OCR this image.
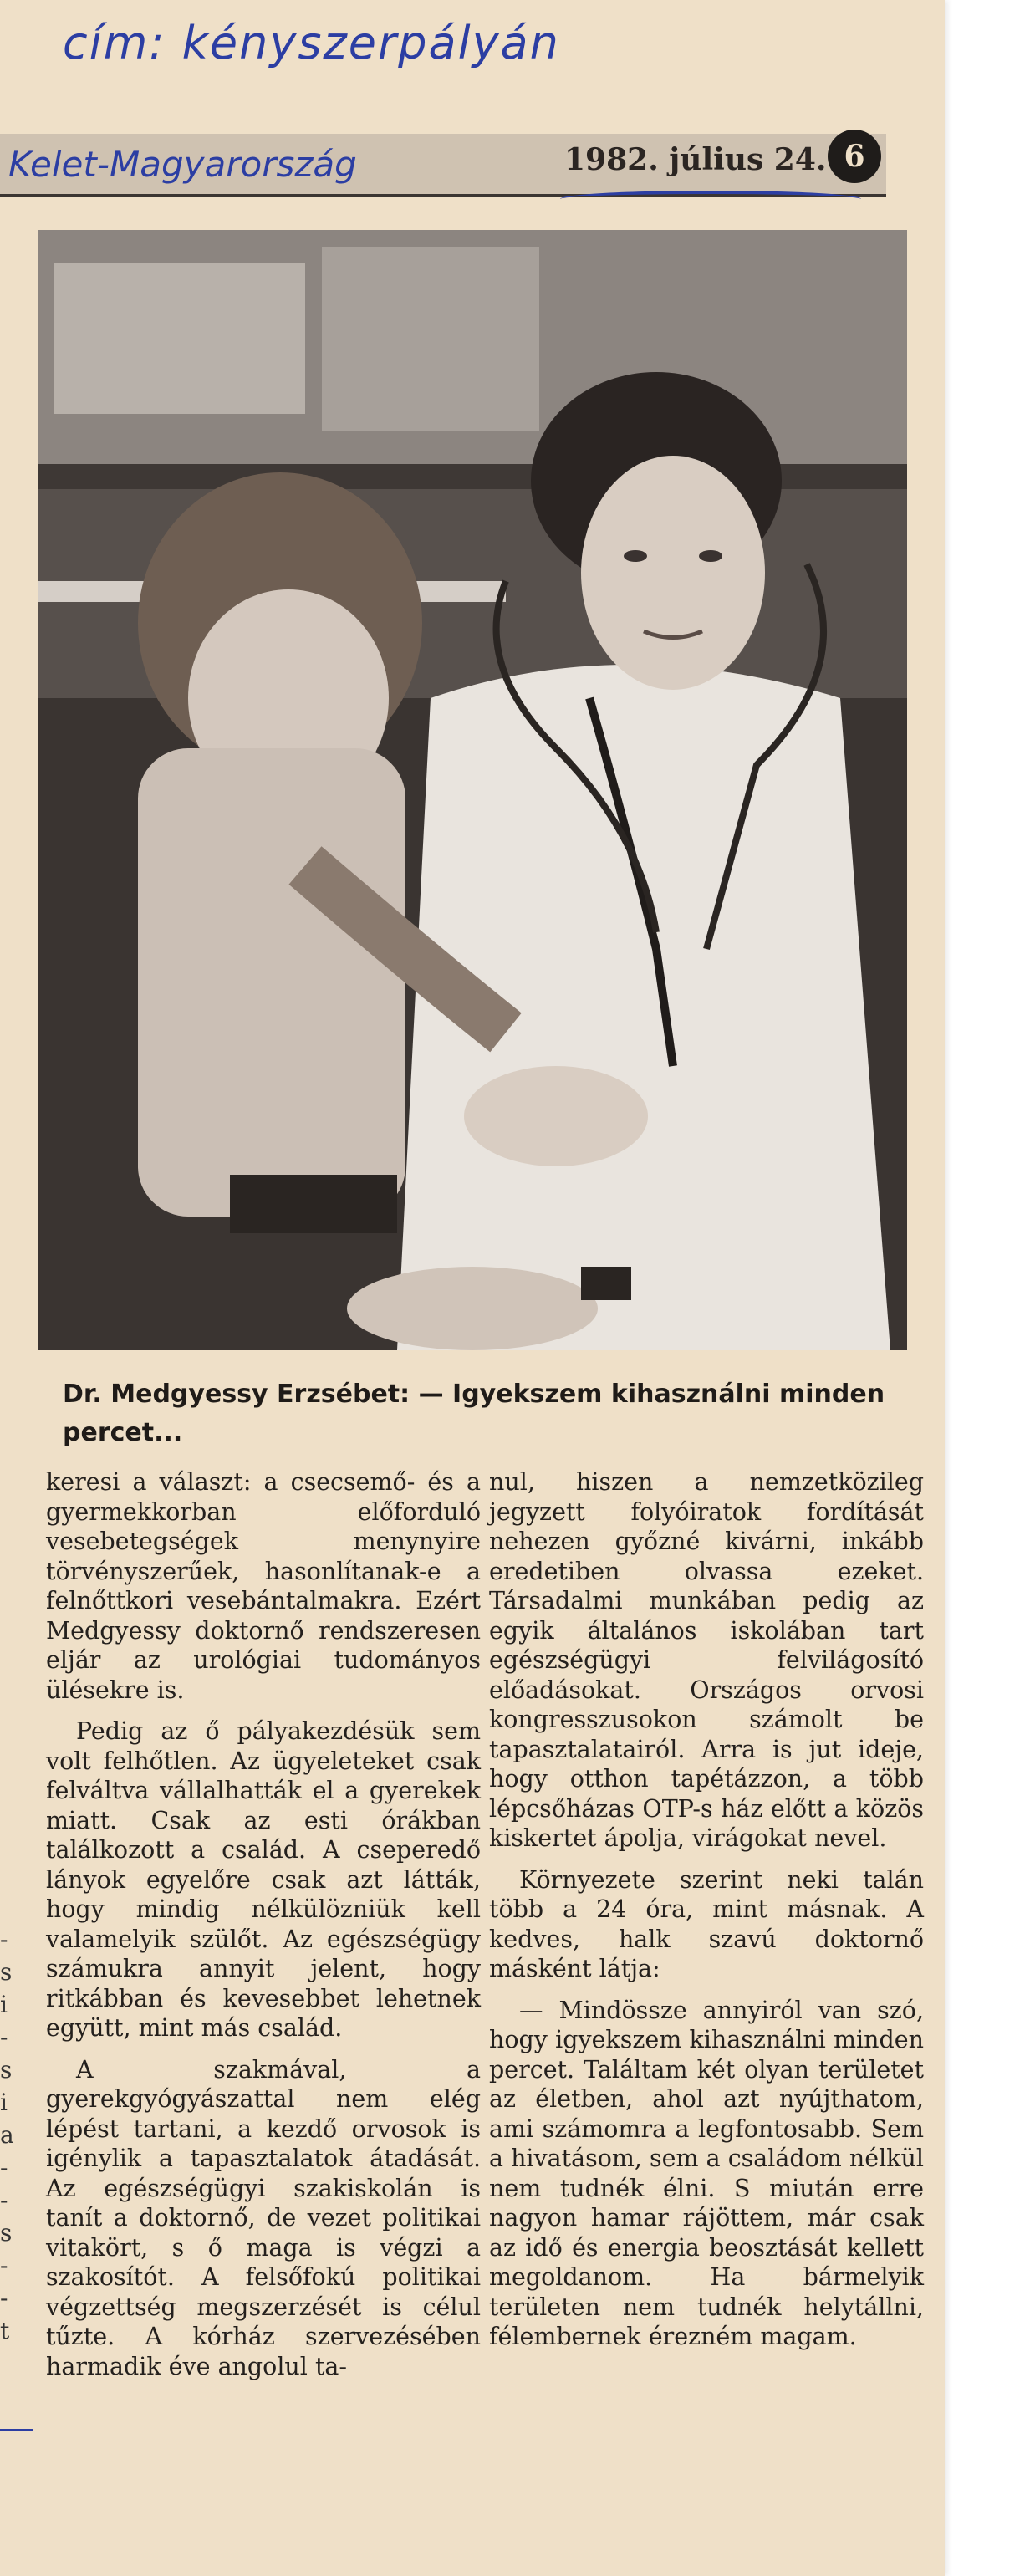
cím: kényszerpályán
Kelet-Magyarország	1982. július 24. 6
Dr. Medgyessy Erzsébet: — Igyekszem kihasználni minden percet...

keresi a választ: a csecsemő- és a gyermekkorban előforduló vesebetegségek menynyire törvényszerűek, hasonlítanak-e a felnőttkori vesebántalmakra. Ezért Medgyessy doktornő rendszeresen eljár az urológiai tudományos ülésekre is.

Pedig az ő pályakezdésük sem volt felhőtlen. Az ügyeleteket csak felváltva vállalhatták el a gyerekek miatt. Csak az esti órákban találkozott a család. A cseperedő lányok egyelőre csak azt látták, hogy mindig nélkülözniük kell valamelyik szülőt. Az egészségügy számukra annyit jelent, hogy ritkábban és kevesebbet lehetnek együtt, mint más család.

A szakmával, a gyerekgyógyászattal nem elég lépést tartani, a kezdő orvosok is igénylik a tapasztalatok átadását. Az egészségügyi szakiskolán is tanít a doktornő, de vezet politikai vitakört, s ő maga is végzi a szakosítót. A felsőfokú politikai végzettség megszerzését is célul tűzte. A kórház szervezésében harmadik éve angolul ta-

nul, hiszen a nemzetközileg jegyzett folyóiratok fordítását nehezen győzné kivárni, inkább eredetiben olvassa ezeket. Társadalmi munkában pedig az egyik általános iskolában tart egészségügyi felvilágosító előadásokat. Országos orvosi kongresszusokon számolt be tapasztalatairól. Arra is jut ideje, hogy otthon tapétázzon, a több lépcsőházas OTP-s ház előtt a közös kiskertet ápolja, virágokat nevel.

Környezete szerint neki talán több a 24 óra, mint másnak. A kedves, halk szavú doktornő másként látja:

— Mindössze annyiról van szó, hogy igyekszem kihasználni minden percet. Találtam két olyan területet az életben, ahol azt nyújthatom, ami számomra a legfontosabb. Sem a hivatásom, sem a családom nélkül nem tudnék élni. S miután erre nagyon hamar rájöttem, már csak az idő és energia beosztását kellett megoldanom. Ha bármelyik területen nem tudnék helytállni, félembernek érezném magam.

- s i - s i a - - s - - t
